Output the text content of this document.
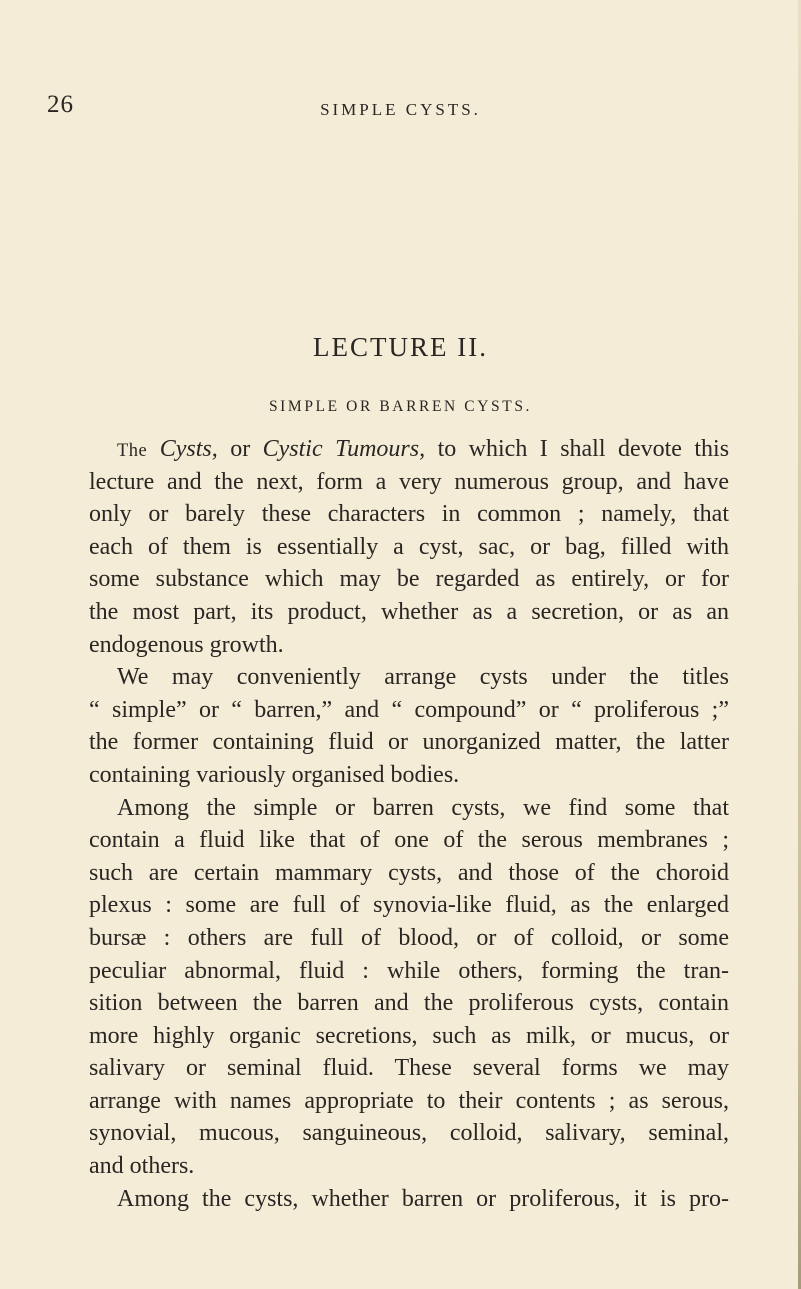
26	SIMPLE CYSTS.
LECTURE II.
SIMPLE OR BARREN CYSTS.
The Cysts, or Cystic Tumours, to which I shall devote this
lecture and the next, form a very numerous group, and have
only or barely these characters in common ; namely, that
each of them is essentially a cyst, sac, or bag, filled with
some substance which may be regarded as entirely, or for
the most part, its product, whether as a secretion, or as an
endogenous growth.
We may conveniently arrange cysts under the titles
“ simple” or “ barren,” and “ compound” or “ proliferous ;”
the former containing fluid or unorganized matter, the latter
containing variously organised bodies.
Among the simple or barren cysts, we find some that
contain a fluid like that of one of the serous membranes ;
such are certain mammary cysts, and those of the choroid
plexus : some are full of synovia-like fluid, as the enlarged
bursæ : others are full of blood, or of colloid, or some
peculiar abnormal, fluid : while others, forming the tran-
sition between the barren and the proliferous cysts, contain
more highly organic secretions, such as milk, or mucus, or
salivary or seminal fluid. These several forms we may
arrange with names appropriate to their contents ; as serous,
synovial, mucous, sanguineous, colloid, salivary, seminal,
and others.
Among the cysts, whether barren or proliferous, it is pro-
